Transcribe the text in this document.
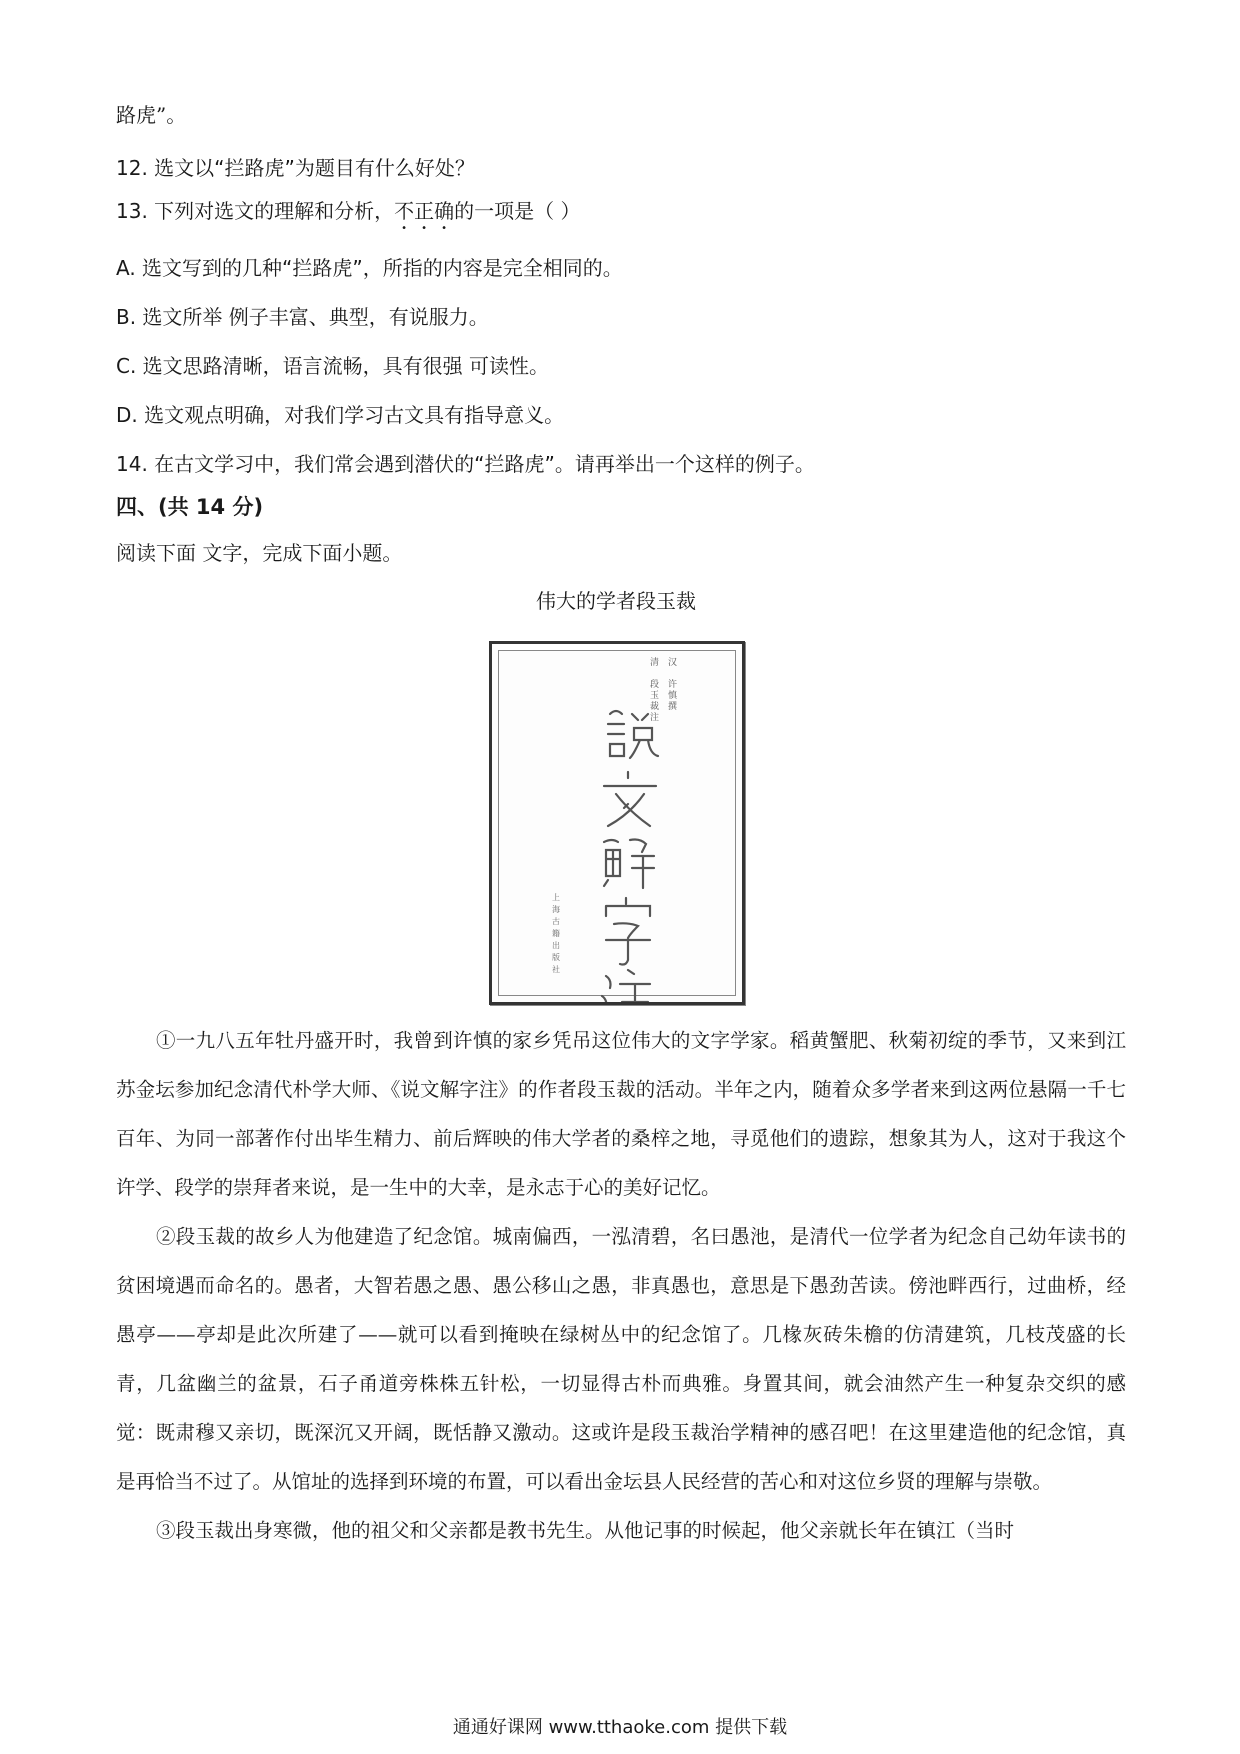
路虎”。
12. 选文以“拦路虎”为题目有什么好处？
13. 下列对选文的理解和分析，不正确的一项是（ ）
A. 选文写到的几种“拦路虎”，所指的内容是完全相同的。
B. 选文所举 例子丰富、典型，有说服力。
C. 选文思路清晰，语言流畅，具有很强 可读性。
D. 选文观点明确，对我们学习古文具有指导意义。
14. 在古文学习中，我们常会遇到潜伏的“拦路虎”。请再举出一个这样的例子。
四、(共 14 分)
阅读下面 文字，完成下面小题。
伟大的学者段玉裁
汉

许慎撰
清

段玉裁注
上海古籍出版社

①一九八五年牡丹盛开时，我曾到许慎的家乡凭吊这位伟大的文字学家。稻黄蟹肥、秋菊初绽的季节，又来到江苏金坛参加纪念清代朴学大师、《说文解字注》的作者段玉裁的活动。半年之内，随着众多学者来到这两位悬隔一千七百年、为同一部著作付出毕生精力、前后辉映的伟大学者的桑梓之地，寻觅他们的遗踪，想象其为人，这对于我这个许学、段学的崇拜者来说，是一生中的大幸，是永志于心的美好记忆。

②段玉裁的故乡人为他建造了纪念馆。城南偏西，一泓清碧，名曰愚池，是清代一位学者为纪念自己幼年读书的贫困境遇而命名的。愚者，大智若愚之愚、愚公移山之愚，非真愚也，意思是下愚劲苦读。傍池畔西行，过曲桥，经愚亭——亭却是此次所建了——就可以看到掩映在绿树丛中的纪念馆了。几椽灰砖朱檐的仿清建筑，几枝茂盛的长青，几盆幽兰的盆景，石子甬道旁株株五针松，一切显得古朴而典雅。身置其间，就会油然产生一种复杂交织的感觉：既肃穆又亲切，既深沉又开阔，既恬静又激动。这或许是段玉裁治学精神的感召吧！在这里建造他的纪念馆，真是再恰当不过了。从馆址的选择到环境的布置，可以看出金坛县人民经营的苦心和对这位乡贤的理解与崇敬。

③段玉裁出身寒微，他的祖父和父亲都是教书先生。从他记事的时候起，他父亲就长年在镇江（当时

通通好课网 www.tthaoke.com 提供下载
